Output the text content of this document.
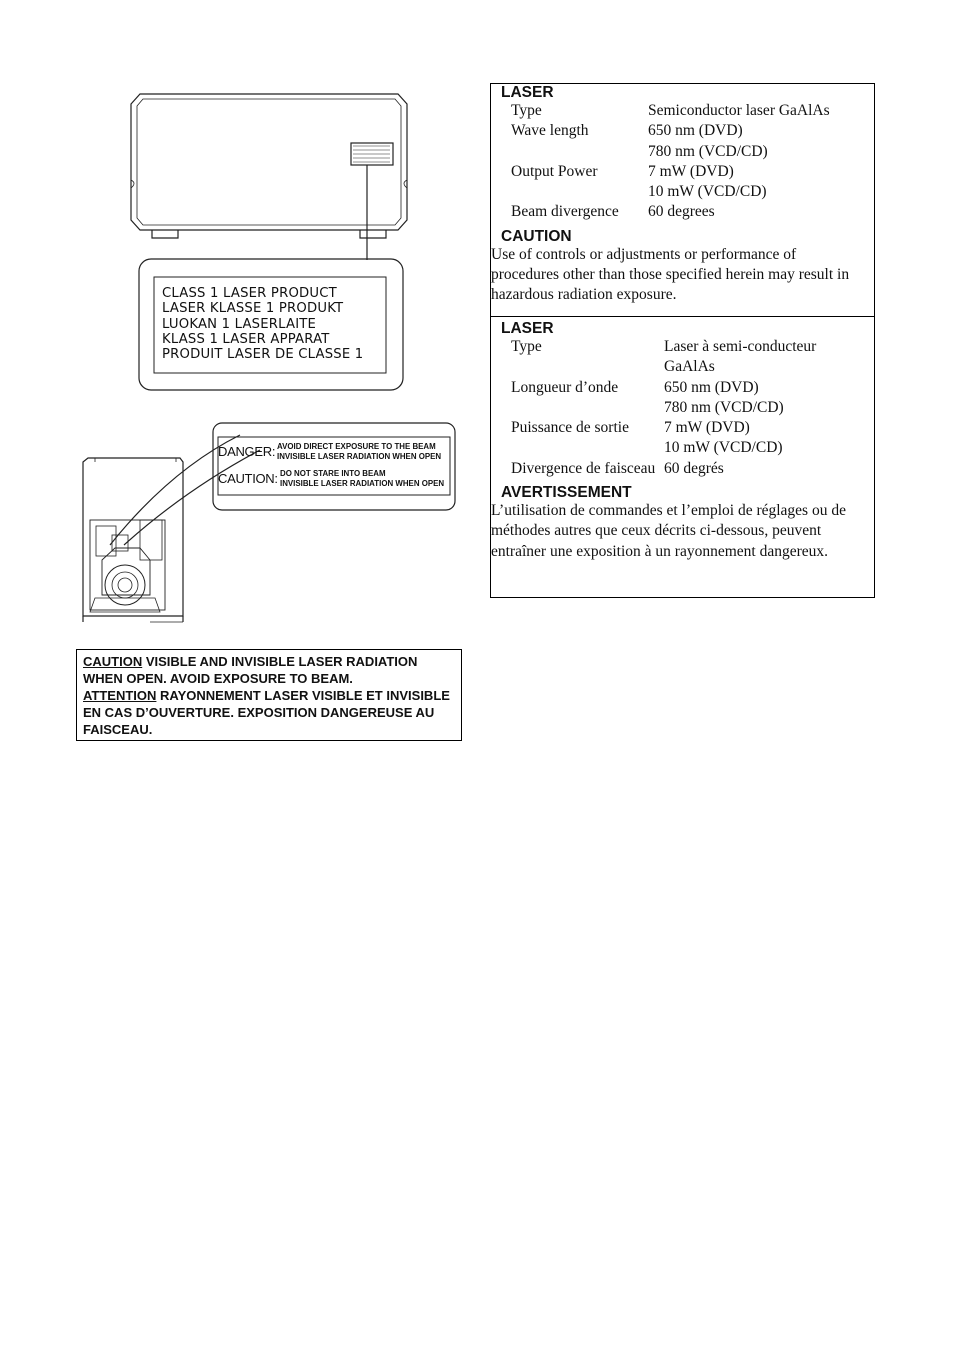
CLASS 1 LASER PRODUCT
LASER KLASSE 1 PRODUKT
LUOKAN 1 LASERLAITE
KLASS 1 LASER APPARAT
PRODUIT LASER DE CLASSE 1
DANGER: AVOID DIRECT EXPOSURE TO THE BEAM
INVISIBLE LASER RADIATION WHEN OPEN
CAUTION: DO NOT STARE INTO BEAM
INVISIBLE LASER RADIATION WHEN OPEN
CAUTION VISIBLE AND INVISIBLE LASER RADIATION WHEN OPEN. AVOID EXPOSURE TO BEAM.
ATTENTION RAYONNEMENT LASER VISIBLE ET INVISIBLE EN CAS D’OUVERTURE. EXPOSITION DANGEREUSE AU FAISCEAU.

LASER

Type	Semiconductor laser GaAlAs
Wave length	650 nm (DVD)
780 nm (VCD/CD)
Output Power	7 mW (DVD)
10 mW (VCD/CD)
Beam divergence	60 degrees

CAUTION

Use of controls or adjustments or performance of procedures other than those specified herein may result in hazardous radiation exposure.

LASER

Type	Laser à semi-conducteur
GaAlAs
Longueur d’onde	650 nm (DVD)
780 nm (VCD/CD)
Puissance de sortie	7 mW (DVD)
10 mW (VCD/CD)
Divergence de faisceau 60 degrés

AVERTISSEMENT

L’utilisation de commandes et l’emploi de réglages ou de méthodes autres que ceux décrits ci-dessous, peuvent entraîner une exposition à un rayonnement dangereux.
